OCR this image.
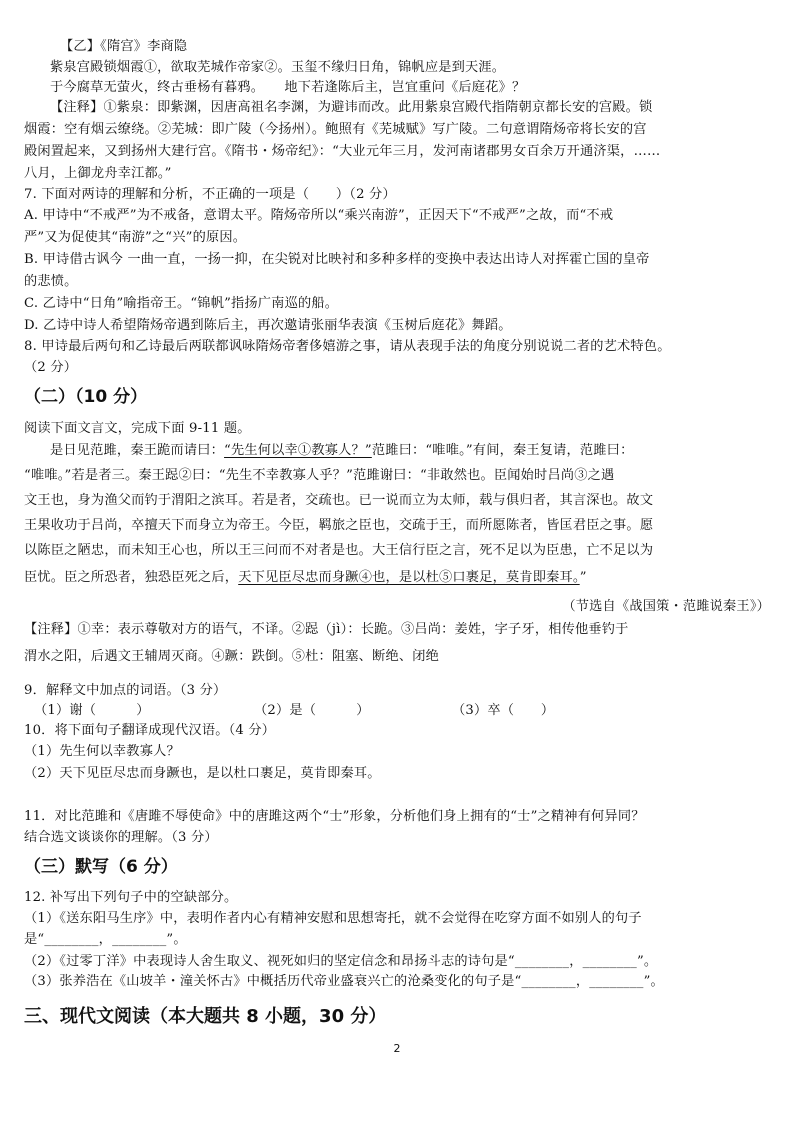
【乙】《隋宫》李商隐
紫泉宫殿锁烟霞①，欲取芜城作帝家②。玉玺不缘归日角，锦帆应是到天涯。
于今腐草无萤火，终古垂杨有暮鸦。　　地下若逢陈后主，岂宜重问《后庭花》？
【注释】①紫泉：即紫渊，因唐高祖名李渊，为避讳而改。此用紫泉宫殿代指隋朝京都长安的宫殿。锁
烟霞：空有烟云缭绕。②芜城：即广陵（今扬州）。鲍照有《芜城赋》写广陵。二句意谓隋炀帝将长安的宫
殿闲置起来，又到扬州大建行宫。《隋书・炀帝纪》：“大业元年三月，发河南诸郡男女百余万开通济渠，……
八月，上御龙舟幸江都。”
7. 下面对两诗的理解和分析，不正确的一项是（　　）（2 分）
A. 甲诗中“不戒严”为不戒备，意谓太平。隋炀帝所以“乘兴南游”，正因天下“不戒严”之故，而“不戒
严”又为促使其“南游”之“兴”的原因。
B. 甲诗借古讽今 一曲一直，一扬一抑，在尖锐对比映衬和多种多样的变换中表达出诗人对挥霍亡国的皇帝
的悲愤。
C. 乙诗中“日角”喻指帝王。“锦帆”指扬广南巡的船。
D. 乙诗中诗人希望隋炀帝遇到陈后主，再次邀请张丽华表演《玉树后庭花》舞蹈。
8. 甲诗最后两句和乙诗最后两联都讽咏隋炀帝奢侈嬉游之事，请从表现手法的角度分别说说二者的艺术特色。
（2 分）
（二）（10 分）
阅读下面文言文，完成下面 9-11 题。
是日见范雎，秦王跪而请曰：“先生何以幸①教寡人？”范雎曰：“唯唯。”有间，秦王复请，范雎曰：
“唯唯。”若是者三。秦王跽②曰：“先生不幸教寡人乎？”范雎谢曰：“非敢然也。臣闻始时吕尚③之遇
文王也，身为渔父而钓于渭阳之滨耳。若是者，交疏也。已一说而立为太师，载与俱归者，其言深也。故文
王果收功于吕尚，卒擅天下而身立为帝王。今臣，羁旅之臣也，交疏于王，而所愿陈者，皆匡君臣之事。愿
以陈臣之陋忠，而未知王心也，所以王三问而不对者是也。大王信行臣之言，死不足以为臣患，亡不足以为
臣忧。臣之所恐者，独恐臣死之后，天下见臣尽忠而身蹶④也，是以杜⑤口裹足，莫肯即秦耳。”
（节选自《战国策・范雎说秦王》）
【注释】①幸：表示尊敬对方的语气，不译。②跽（jì）：长跪。③吕尚：姜姓，字子牙，相传他垂钓于
渭水之阳，后遇文王辅周灭商。④蹶：跌倒。⑤杜：阻塞、断绝、闭绝
9．解释文中加点的词语。（3 分）
（1）谢（　　　）	（2）是（　　　）	（3）卒（　　）
10．将下面句子翻译成现代汉语。（4 分）
（1）先生何以幸教寡人？
（2）天下见臣尽忠而身蹶也，是以杜口裹足，莫肯即秦耳。
11．对比范雎和《唐雎不辱使命》中的唐雎这两个“士”形象，分析他们身上拥有的“士”之精神有何异同？
结合选文谈谈你的理解。（3 分）
（三）默写（6 分）
12. 补写出下列句子中的空缺部分。
（1）《送东阳马生序》中，表明作者内心有精神安慰和思想寄托，就不会觉得在吃穿方面不如别人的句子
是“________，________”。
（2）《过零丁洋》中表现诗人舍生取义、视死如归的坚定信念和昂扬斗志的诗句是“________，________”。
（3）张养浩在《山坡羊・潼关怀古》中概括历代帝业盛衰兴亡的沧桑变化的句子是“________，________”。
三、现代文阅读（本大题共 8 小题，30 分）
2
